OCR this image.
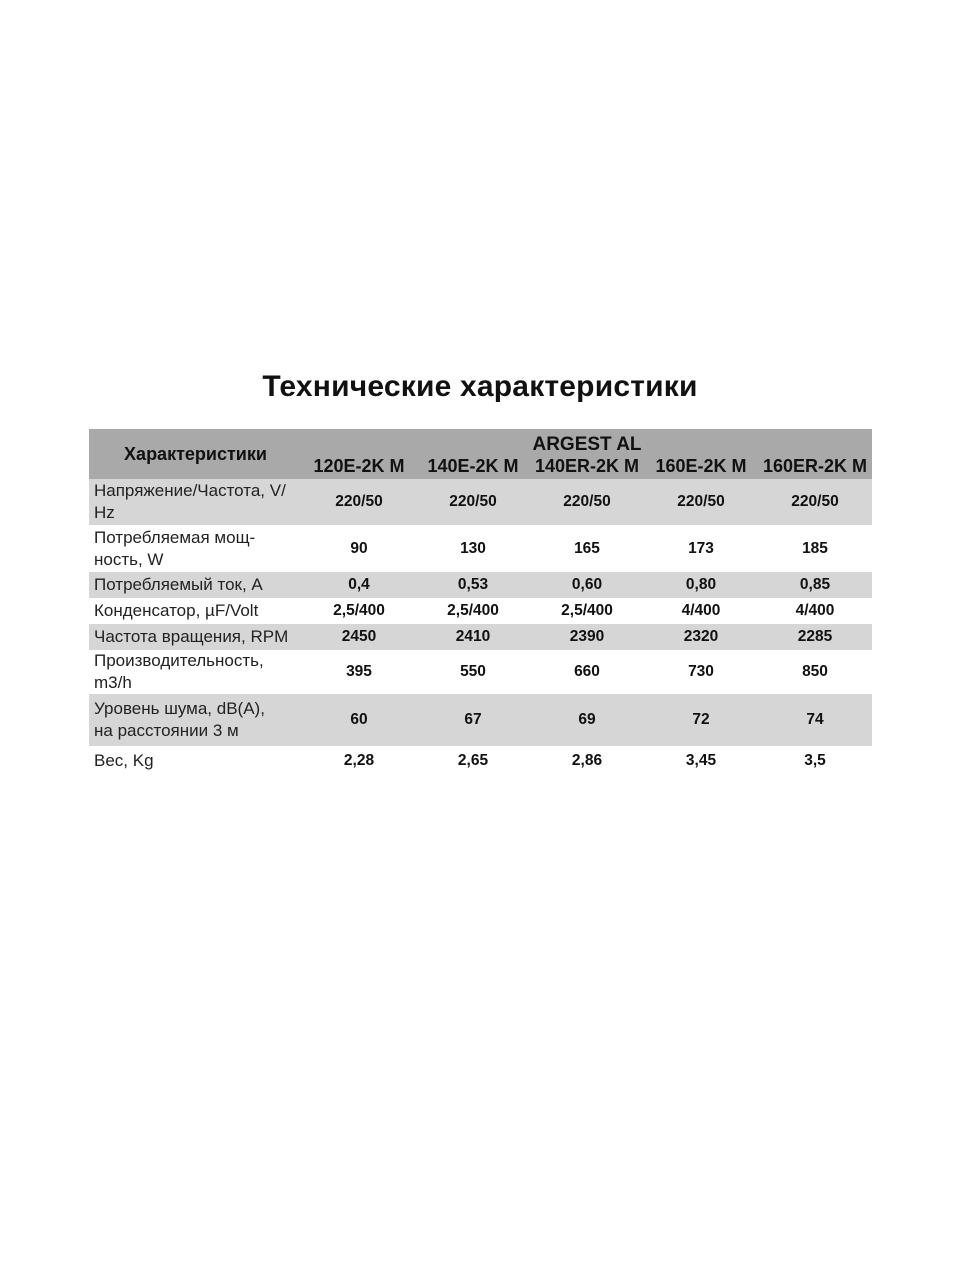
Технические характеристики
Характеристики	ARGEST AL				
	120E-2K M	140E-2K M	140ER-2K M	160E-2K M	160ER-2K M
Напряжение/Частота, V/
Hz	220/50	220/50	220/50	220/50	220/50
Потребляемая мощ-
ность, W	90	130	165	173	185
Потребляемый ток, А	0,4	0,53	0,60	0,80	0,85
Конденсатор, µF/Volt	2,5/400	2,5/400	2,5/400	4/400	4/400
Частота вращения, RPM	2450	2410	2390	2320	2285
Производительность,
m3/h	395	550	660	730	850
Уровень шума, dB(A),
на расстоянии 3 м	60	67	69	72	74
Вес, Kg	2,28	2,65	2,86	3,45	3,5
